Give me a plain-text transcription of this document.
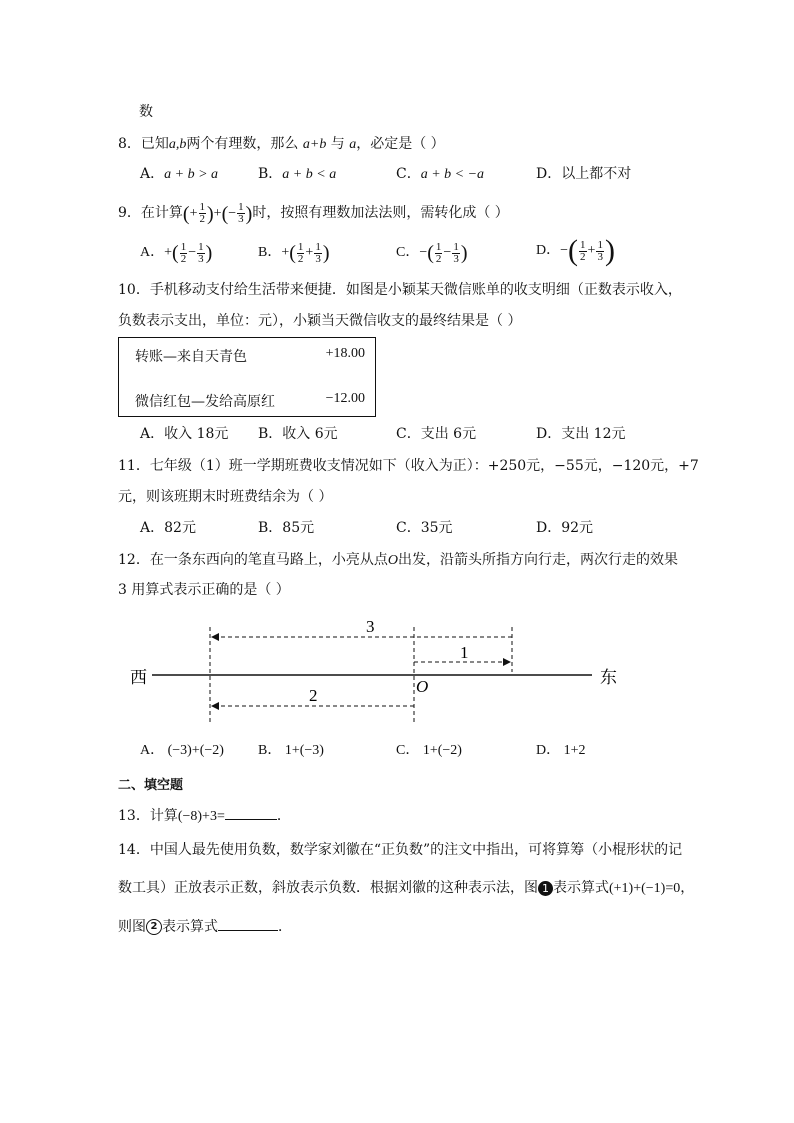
数
8．已知a,b两个有理数，那么 a+b 与 a，必定是（ ）
A．a + b > a	B．a + b < a	C．a + b < −a	D．以上都不对
9．在计算(+ $\frac{1}{2}$ )+(− $\frac{1}{3}$ )时，按照有理数加法法则，需转化成（ ）
A．+( $\frac{1}{2} - \frac{1}{3}$ )	B．+( $\frac{1}{2} + \frac{1}{3}$ )	C．−( $\frac{1}{2} - \frac{1}{3}$ )	D．−( $\frac{1}{2} + \frac{1}{3}$ )
10．手机移动支付给生活带来便捷．如图是小颖某天微信账单的收支明细（正数表示收入，
负数表示支出，单位：元），小颖当天微信收支的最终结果是（ ）
转账—来自天青色	+18.00
微信红包—发给高原红	−12.00
A．收入 18元 B．收入 6元	C．支出 6元	D．支出 12元
11．七年级（1）班一学期班费收支情况如下（收入为正）：+250元，−55元，−120元，+7
元，则该班期末时班费结余为（ ）
A．82元	B．85元	C．35元	D．92元
12．在一条东西向的笔直马路上，小亮从点O出发，沿箭头所指方向行走，两次行走的效果
3 用算式表示正确的是（ ）
3
1
2
西	东
O
A． (−3)+(−2) B． 1+(−3)	C． 1+(−2)	D． 1+2
二、填空题
13．计算(−8)+3=	．
14．中国人最先使用负数，数学家刘徽在“正负数”的注文中指出，可将算筹（小棍形状的记
数工具）正放表示正数，斜放表示负数．根据刘徽的这种表示法，图 1 表示算式(+1)+(−1)=0，
则图 2 表示算式	．
